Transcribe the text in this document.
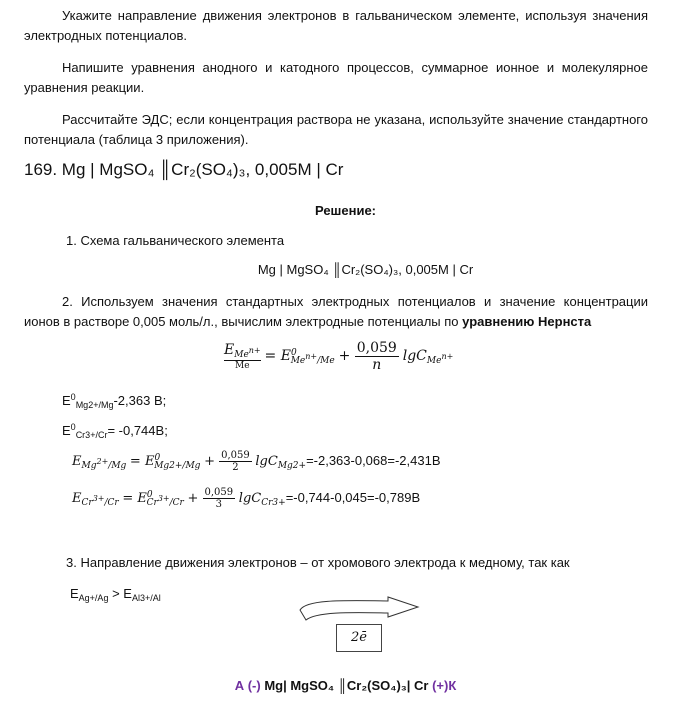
Укажите направление движения электронов в гальваническом элементе, используя значения электродных потенциалов.

Напишите уравнения анодного и катодного процессов, суммарное ионное и молекулярное уравнения реакции.

Рассчитайте ЭДС; если концентрация раствора не указана, используйте значение стандартного потенциала (таблица 3 приложения).

169. Mg | MgSO₄ ║Cr₂(SO₄)₃, 0,005M | Cr
Решение:
1. Схема гальванического элемента
Mg | MgSO₄ ║Cr₂(SO₄)₃, 0,005M | Cr

2. Используем значения стандартных электродных потенциалов и значение концентрации ионов в растворе 0,005 моль/л., вычислим электродные потенциалы по уравнению Нернста

$E_{Me^{n+}}$
Me
= $E^0_{Me^{n+}/Me} + \frac{0,059}{n} \lg C_{Me^{n+}}$
$E^0_{Mg2+/Mg}-2,363$ В;
$E^0_{Cr3+/Cr}= -0,744В$;
$E_{Mg^{2+}/Mg} = E^0_{Mg2+/Mg} + \frac{0,059}{2} \lg C_{Mg2+}=-2,363-0,068=-2,431В$
$E_{Cr^{3+}/Cr} = E^0_{Cr^{3+}/Cr} + \frac{0,059}{3} \lg C_{Cr3+}=-0,744-0,045=-0,789В$
3. Направление движения электронов – от хромового электрода к медному, так как
$E_{Ag+/Ag} > E_{Al3+/Al}$
2ē
А (-) Mg| MgSO₄ ║Cr₂(SO₄)₃| Cr (+)К
